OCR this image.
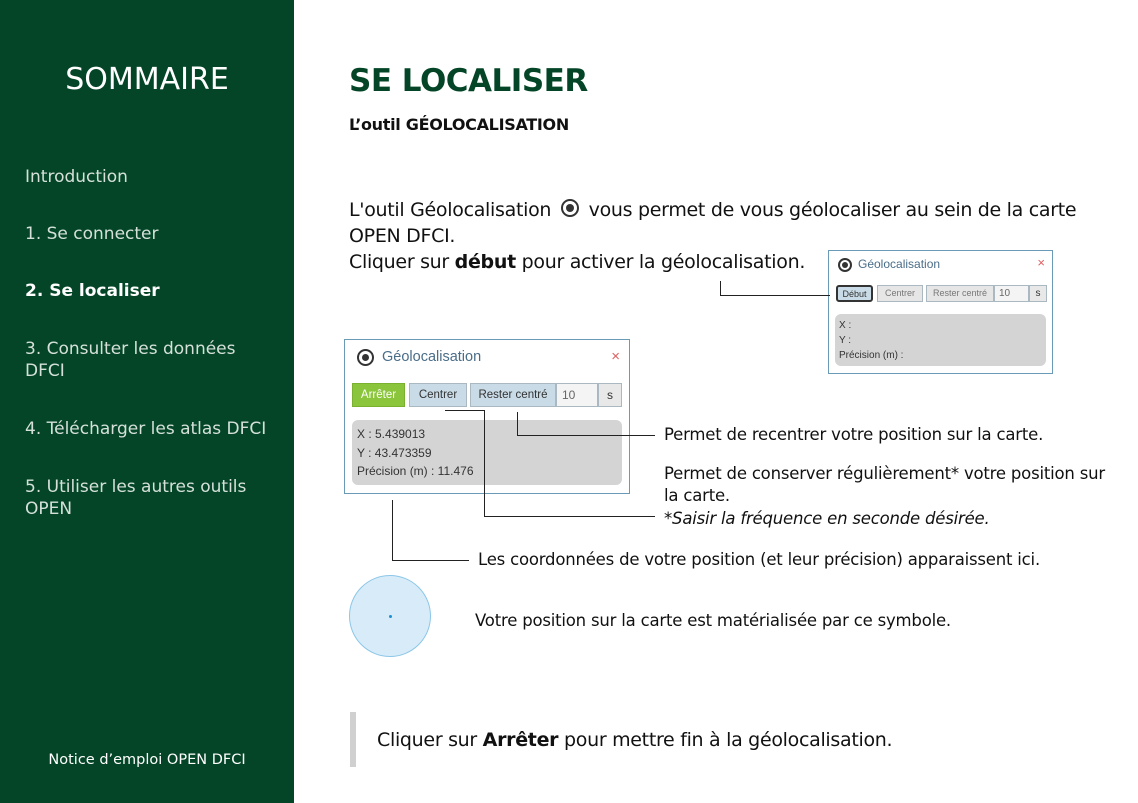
SOMMAIRE
Introduction
1. Se connecter
2. Se localiser
3. Consulter les données DFCI
4. Télécharger les atlas DFCI
5. Utiliser les autres outils OPEN
Notice d’emploi OPEN DFCI
SE LOCALISER
L’outil GÉOLOCALISATION
L'outil Géolocalisation vous permet de vous géolocaliser au sein de la carte OPEN DFCI.
Cliquer sur début pour activer la géolocalisation.	Géolocalisation	×
Début	Centrer	Rester centré	10	s
X :
Y :
Précision (m) :
Géolocalisation	×
Arrêter	Centrer	Rester centré	10	s
X : 5.439013
Y : 43.473359
Précision (m) : 11.476
Permet de recentrer votre position sur la carte.
Permet de conserver régulièrement* votre position sur la carte.
*Saisir la fréquence en seconde désirée.
Les coordonnées de votre position (et leur précision) apparaissent ici.
Votre position sur la carte est matérialisée par ce symbole.
Cliquer sur Arrêter pour mettre fin à la géolocalisation.
